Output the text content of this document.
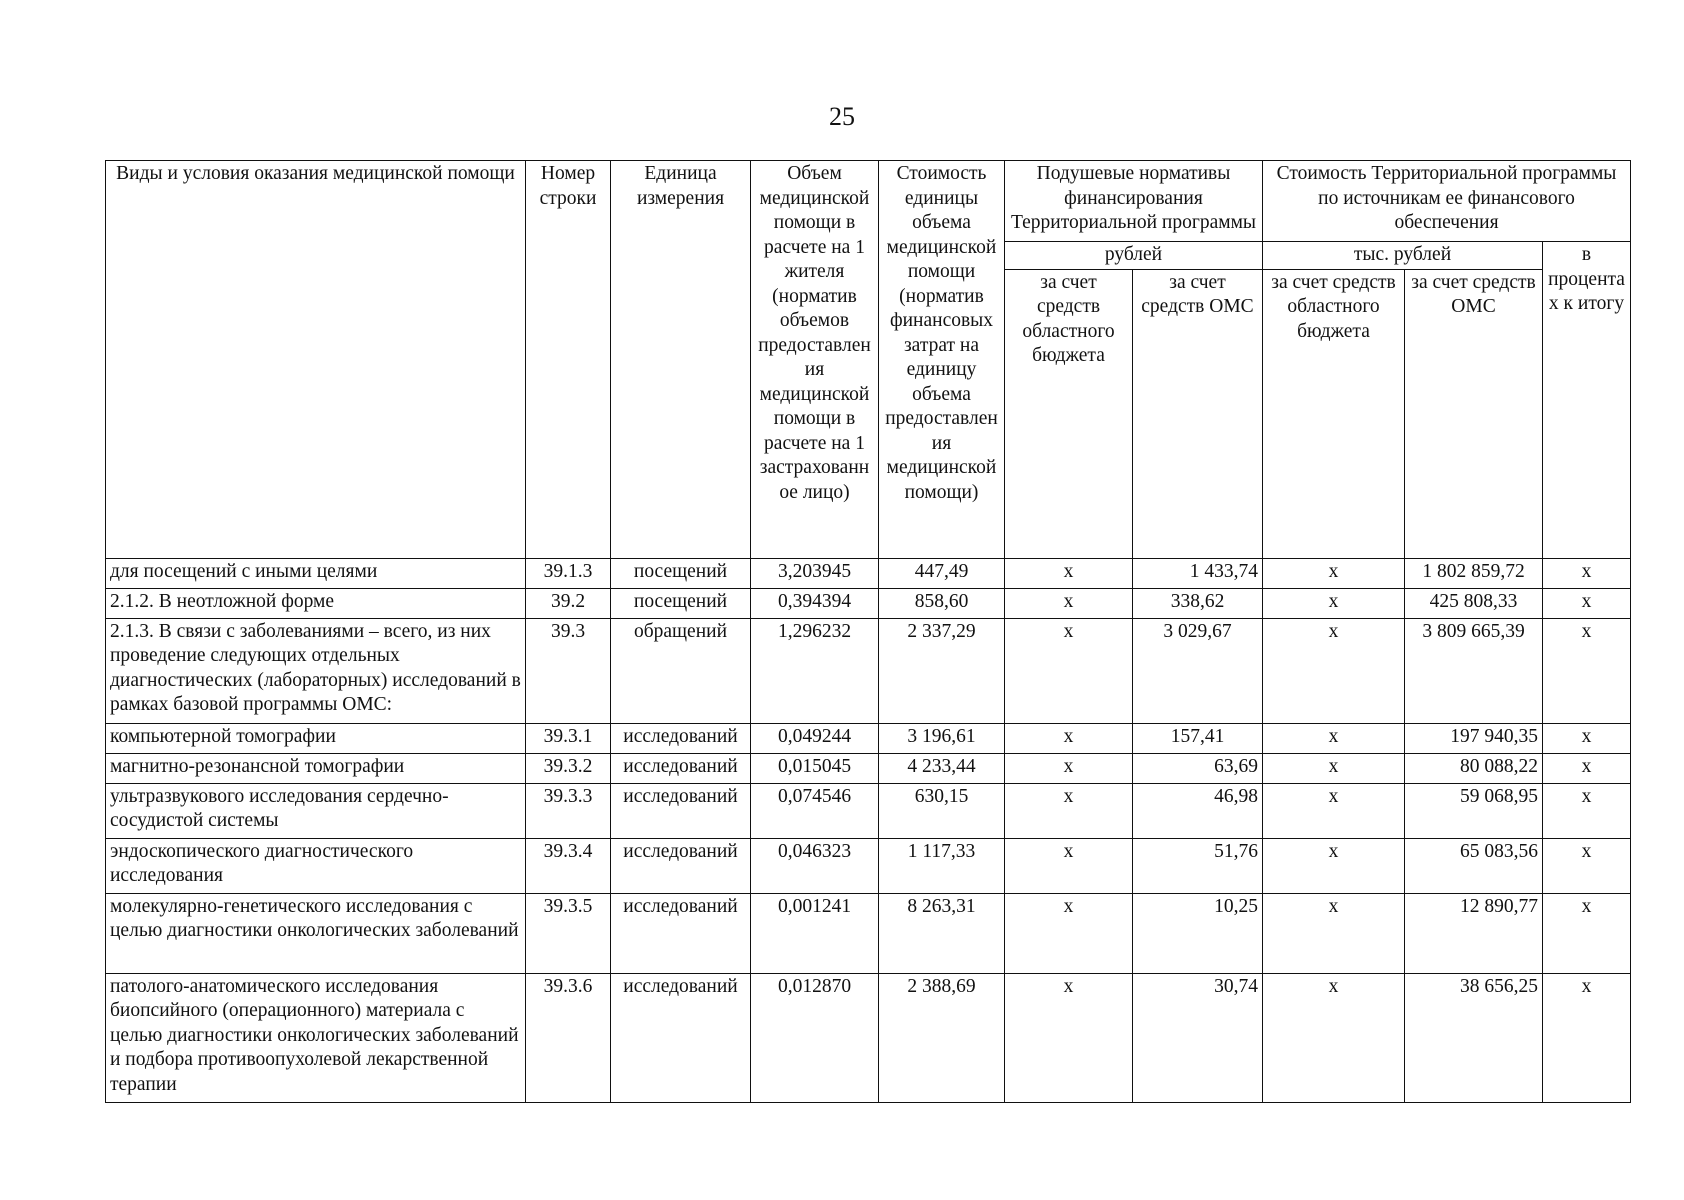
25
Виды и условия оказания медицинской помощи	Номер строки	Единица измерения	Объем медицинской помощи в расчете на 1 жителя (норматив объемов предоставления медицинской помощи в расчете на 1 застрахованное лицо)	Стоимость единицы объема медицинской помощи (норматив финансовых затрат на единицу объема предоставления медицинской помощи)	Подушевые нормативы финансирования Территориальной программы		Стоимость Территориальной программы по источникам ее финансового обеспечения		
					рублей		тыс. рублей		в процентах к итогу
					за счет средств областного бюджета	за счет средств ОМС	за счет средств областного бюджета	за счет средств ОМС	
для посещений с иными целями	39.1.3	посещений	3,203945	447,49	х	1 433,74	х	1 802 859,72	х
2.1.2. В неотложной форме	39.2	посещений	0,394394	858,60	х	338,62	х	425 808,33	х
2.1.3. В связи с заболеваниями – всего, из них проведение следующих отдельных диагностических (лабораторных) исследований в рамках базовой программы ОМС:	39.3	обращений	1,296232	2 337,29	х	3 029,67	х	3 809 665,39	х
компьютерной томографии	39.3.1	исследований	0,049244	3 196,61	х	157,41	х	197 940,35	х
магнитно-резонансной томографии	39.3.2	исследований	0,015045	4 233,44	х	63,69	х	80 088,22	х
ультразвукового исследования сердечно-сосудистой системы	39.3.3	исследований	0,074546	630,15	х	46,98	х	59 068,95	х
эндоскопического диагностического исследования	39.3.4	исследований	0,046323	1 117,33	х	51,76	х	65 083,56	х
молекулярно-генетического исследования с целью диагностики онкологических заболеваний	39.3.5	исследований	0,001241	8 263,31	х	10,25	х	12 890,77	х
патолого-анатомического исследования биопсийного (операционного) материала с целью диагностики онкологических заболеваний и подбора противоопухолевой лекарственной терапии	39.3.6	исследований	0,012870	2 388,69	х	30,74	х	38 656,25	х
